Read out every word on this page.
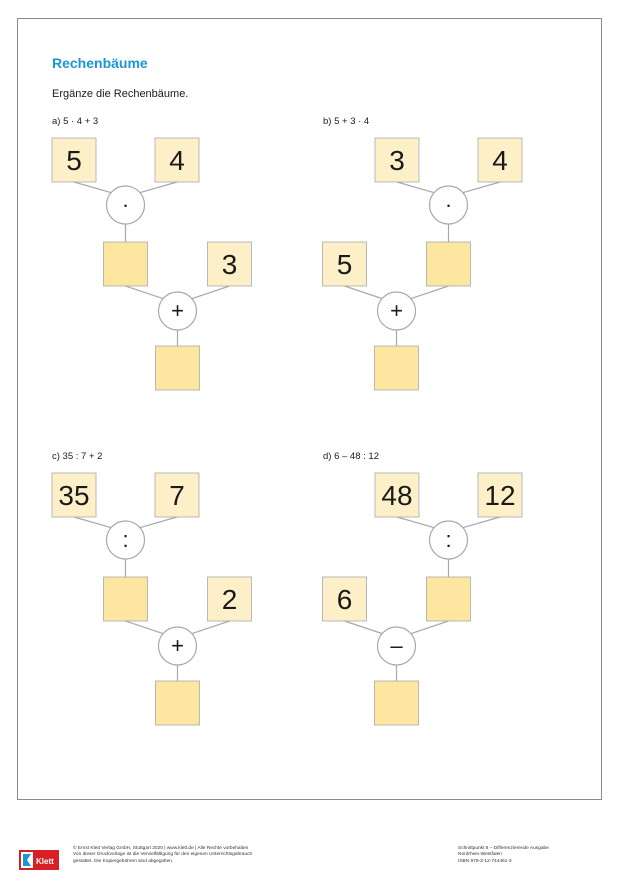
Rechenbäume
Ergänze die Rechenbäume.
a) 5 · 4 + 3	b) 5 + 3 · 4
c) 35 : 7 + 2	d) 6 – 48 : 12
5	4
·
3
+
3	4
·
5
+
35	7
:
2
+
48	12
:
6
–
Klett
© Ernst Klett Verlag GmbH, Stuttgart 2020 | www.klett.de | Alle Rechte vorbehalten
Von dieser Druckvorlage ist die Vervielfältigung für den eigenen Unterrichtsgebrauch
gestattet. Die Kopiergebühren sind abgegolten.
Schnittpunkt 6 – Differenzierende Ausgabe
Nordrhein-Westfalen
ISBN 978-3-12-744461-3
